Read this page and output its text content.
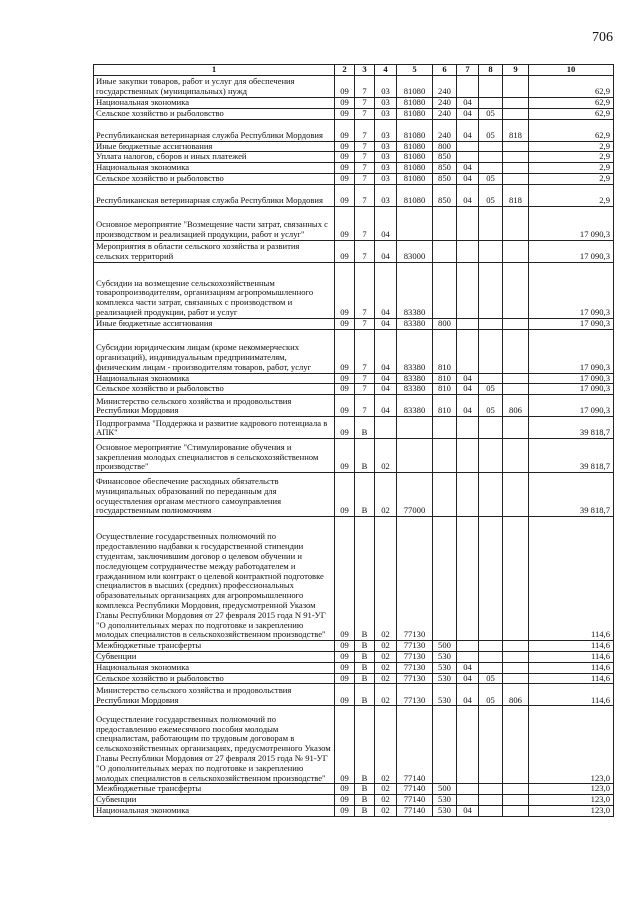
706
1	2	3	4	5	6	7	8	9	10
Иные закупки товаров, работ и услуг для обеспечения государственных (муниципальных) нужд	09	7	03	81080	240				62,9
Национальная экономика	09	7	03	81080	240	04			62,9
Сельское хозяйство и рыболовство	09	7	03	81080	240	04	05		62,9
Республиканская ветеринарная служба Республики Мордовия	09	7	03	81080	240	04	05	818	62,9
Иные бюджетные ассигнования	09	7	03	81080	800				2,9
Уплата налогов, сборов и иных платежей	09	7	03	81080	850				2,9
Национальная экономика	09	7	03	81080	850	04			2,9
Сельское хозяйство и рыболовство	09	7	03	81080	850	04	05		2,9
Республиканская ветеринарная служба Республики Мордовия	09	7	03	81080	850	04	05	818	2,9
Основное мероприятие "Возмещение части затрат, связанных с производством и реализацией продукции, работ и услуг"	09	7	04						17 090,3
Мероприятия в области сельского хозяйства и развития сельских территорий	09	7	04	83000					17 090,3
Субсидии на возмещение сельскохозяйственным товаропроизводителям, организациям агропромышленного комплекса части затрат, связанных с производством и реализацией продукции, работ и услуг	09	7	04	83380					17 090,3
Иные бюджетные ассигнования	09	7	04	83380	800				17 090,3
Субсидии юридическим лицам (кроме некоммерческих организаций), индивидуальным предпринимателям, физическим лицам - производителям товаров, работ, услуг	09	7	04	83380	810				17 090,3
Национальная экономика	09	7	04	83380	810	04			17 090,3
Сельское хозяйство и рыболовство	09	7	04	83380	810	04	05		17 090,3
Министерство сельского хозяйства и продовольствия Республики Мордовия	09	7	04	83380	810	04	05	806	17 090,3
Подпрограмма "Поддержка и развитие кадрового потенциала в АПК"	09	В							39 818,7
Основное мероприятие "Стимулирование обучения и закрепления молодых специалистов в сельскохозяйственном производстве"	09	В	02						39 818,7
Финансовое обеспечение расходных обязательств муниципальных образований по переданным для осуществления органам местного самоуправления государственным полномочиям	09	В	02	77000					39 818,7
Осуществление государственных полномочий по предоставлению надбавки к государственной стипендии студентам, заключившим договор о целевом обучении и последующем сотрудничестве между работодателем и гражданином или контракт о целевой контрактной подготовке специалистов в высших (средних) профессиональных образовательных организациях для агропромышленного комплекса Республики Мордовия, предусмотренной Указом Главы Республики Мордовия от 27 февраля 2015 года N 91-УГ "О дополнительных мерах по подготовке и закреплению молодых специалистов в сельскохозяйственном производстве"	09	В	02	77130					114,6
Межбюджетные трансферты	09	В	02	77130	500				114,6
Субвенции	09	В	02	77130	530				114,6
Национальная экономика	09	В	02	77130	530	04			114,6
Сельское хозяйство и рыболовство	09	В	02	77130	530	04	05		114,6
Министерство сельского хозяйства и продовольствия Республики Мордовия	09	В	02	77130	530	04	05	806	114,6
Осуществление государственных полномочий по предоставлению ежемесячного пособия молодым специалистам, работающим по трудовым договорам в сельскохозяйственных организациях, предусмотренного Указом Главы Республики Мордовия от 27 февраля 2015 года № 91-УГ "О дополнительных мерах по подготовке и закреплению молодых специалистов в сельскохозяйственном производстве"	09	В	02	77140					123,0
Межбюджетные трансферты	09	В	02	77140	500				123,0
Субвенции	09	В	02	77140	530				123,0
Национальная экономика	09	В	02	77140	530	04			123,0
